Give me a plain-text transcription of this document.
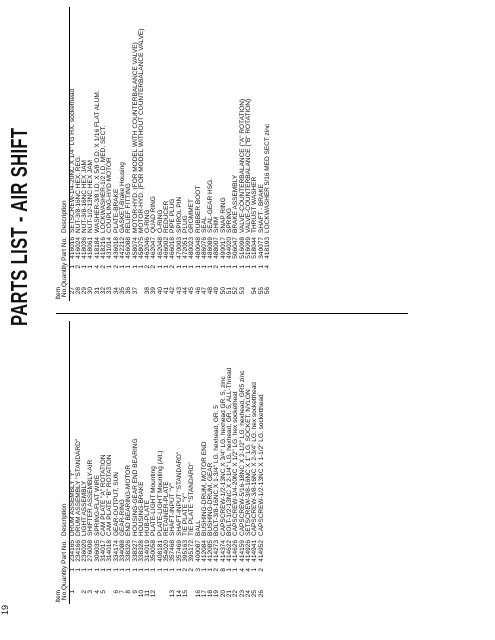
PARTS LIST - AIR SHIFT
19
Item
No.
Quantity
Part No.
Description
1
1
234165
DRUM ASSEMBLY "Y"
1
234166
DRUM ASSEMBLY "STANDARD"
2
1
236020
LIGHT ASSEMBLY
3
1
276008
SHIFTER ASSEMBLY-AIR
4
1
306035
SPRING-FLAT WIRE
5
1
314017
CAM PLATE "A" ROTATION
1
314018
CAM PLATE "B" ROTATION
6
1
334174
GEAR-OUTPUT, SUN
7
1
334088
GEAR-RING
8
1
338326
END BEARING-MOTOR
9
1
338327
HOUSING-GEAR END BEARING
10
1
338328
HOUSING-BRAKE
11
1
314019
HUB-PLATE
12
1
350058
PLATE-LIGHT Mounting
1
408181
PLATE-LIGHT Mounting (Alt.)
1
354020
RETAINER-PLATE
13
1
357468
SHAFT-INPUT "Y"
14
1
357469
SHAFT-INPUT "STANDARD"
15
2
395163
TIE PLATE "Y"
2
395172
TIE PLATE "STANDARD"
16
3
400087
BALL
17
1
412084
BUSHING-DRUM, MOTOR END
18
1
412085
BUSHING-DRUM, GEAR
19
2
414273
BOLT-3/8-16NC X 1-3/4" LG. hexhead, GR. 5
20
8
414374
CAPSCREW-1/2-13NC X 3/4" LG. hexhead GR. 5, zinc
21
1
414622
BOLT-1/2-13NC X 2-1/4" LG. hexhead, GR. 5, ALL-Thread
22
1
414626
CAPSCREW-1/4-20NC X 1/2" LG. hex socketheat
23
4
414159
CAPSCREW-5/16-18NC X 2-1/2" LG. hexhead, GR5 zinc
24
4
414926
SETSCREW-3/8-16NC X 1" LG. SOCKET, NYLON
25
1
414941
CAPSCREW-3/8-16NC X 2-3/4" LG. hex socketthead
26
2
414952
CAPSCREW-1/2-13NC X 1-1/2" LG. socketthead
Item
No.
Quantity
Part No.
Description
27
1
416016
SETSCREW-1/4-20NC X 1/4" LG HX. sockethead
28
2
416024
NUT-3/8-16NC HEX, REG.
29
1
418036
NUT-3/8-16NC HEX JAM
30
1
418061
NUT-1/2-13NC HEX JAM
31
4
418184
WASHER-3/8 I.D. X 5/8 O.D. X 1/16 FLAT ALUM.
32
2
418216
LOCKWASHER-1/2 I.D. MED. SECT.
33
1
431014
COUPLING-HYD MOTOR
34
2
436018
PLATE-BRAKE
35
1
442212
GASKET-Brake Housing
36
1
456088
RELIEF FITTING
37
1
458074
MOTOR-HYD. (FOR MODEL WITH COUNTERBALANCE VALVE)
1
458075
MOTOR-HYD. (FOR MODEL WITHOUT COUNTERBALANCE VALVE)
38
2
462046
O-RING
39
2
462047
QUAD RING
40
1
462048
O-RING
41
1
466002
REDUCER
42
2
466018
PIPE PLUG
43
1
470003
SPIROL PIN
44
1
472051
PLUG
45
1
480023
GROMMET
46
1
480048
RUBBER BOOT
47
1
486076
SEAL
48
1
486089
SEAL-GEAR HSG.
49
2
488007
SHIM
50
1
490017
SNAP RING
51
1
494020
SPRING
52
1
506047
BRAKE ASSEMBLY
53
1
516098
VALVE-COUNTERBALANCE ("A" ROTATION)
1
516099
VALVE-COUNTERBALANCE ("B" ROTATION)
54
1
518044
THRUST WASHER
55
1
340077
SHAFT - BRAKE
56
4
418193
LOCKWASHER 5/16 MED SECT zinc
